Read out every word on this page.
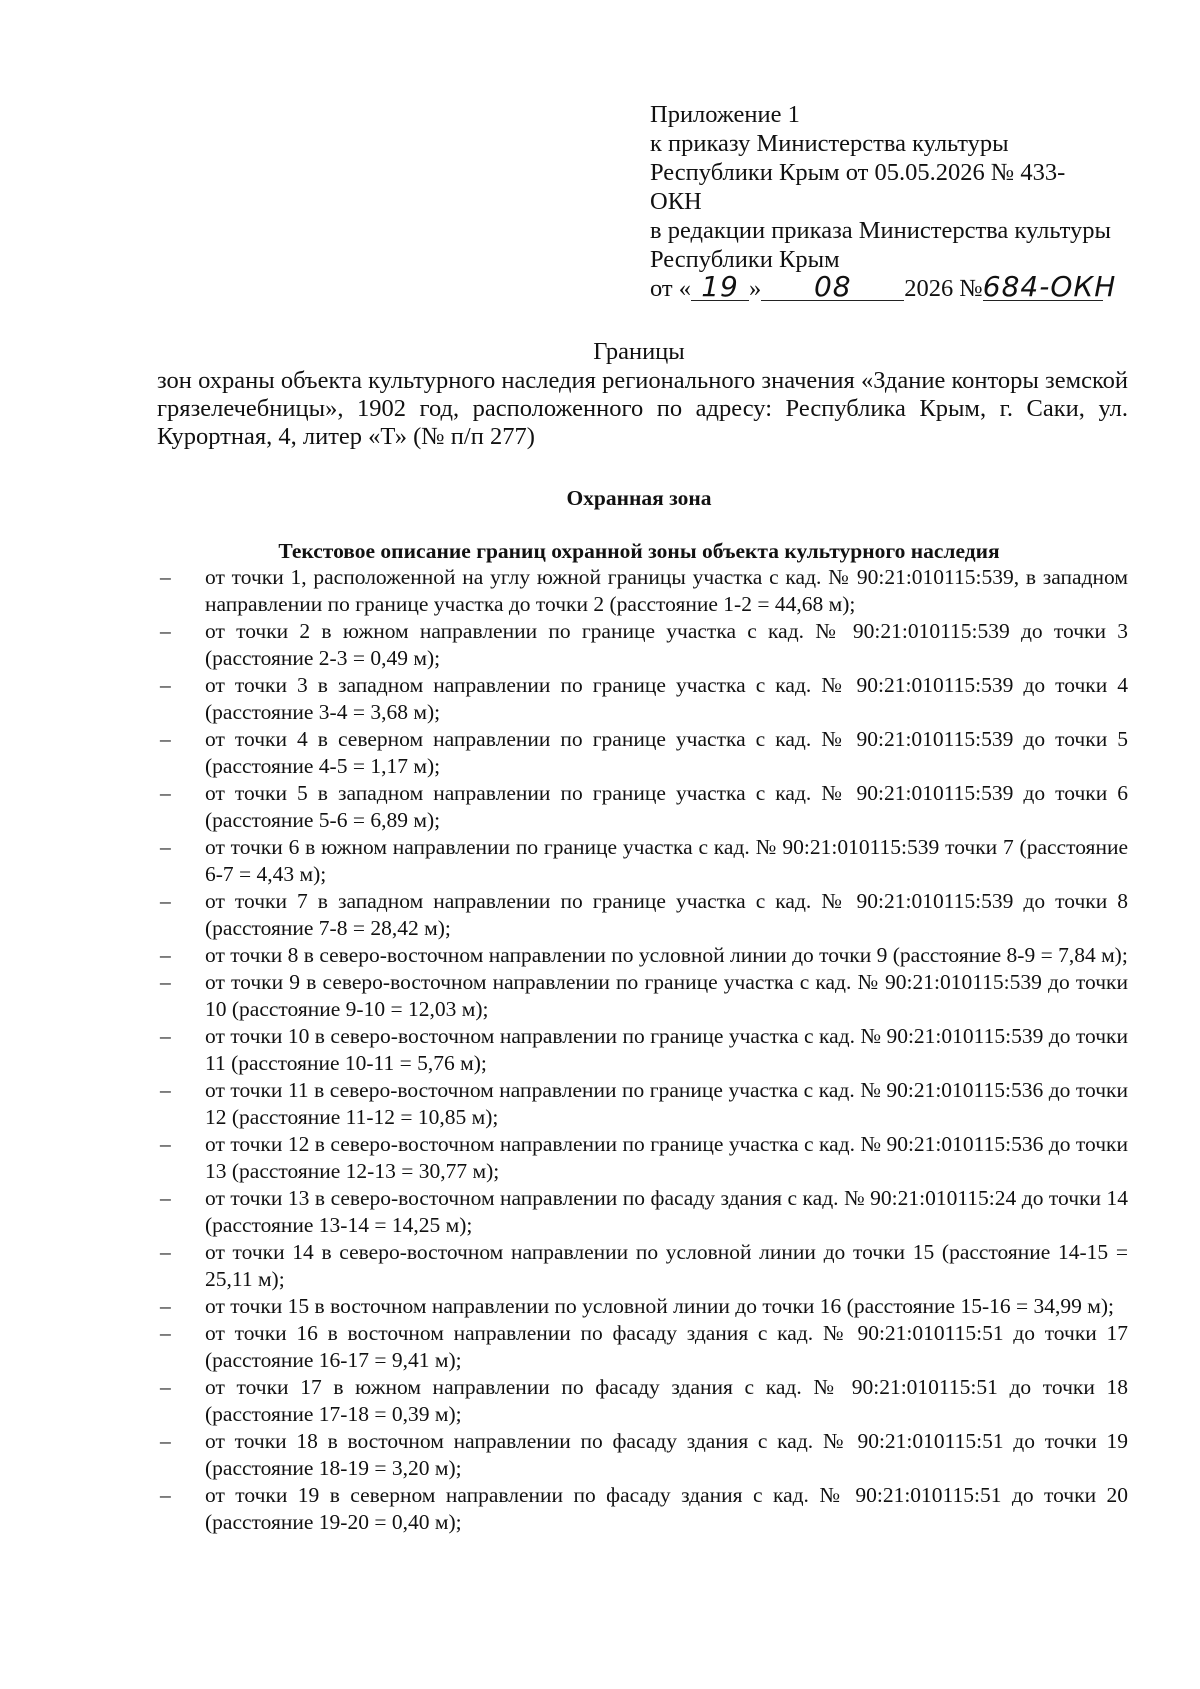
Приложение 1
к приказу Министерства культуры
Республики Крым от 05.05.2026 № 433-
ОКН
в редакции приказа Министерства культуры
Республики Крым
от « 19 » 08 2026 №684-ОКН
Границы
зон охраны объекта культурного наследия регионального значения «Здание конторы земской грязелечебницы», 1902 год, расположенного по адресу: Республика Крым, г. Саки, ул. Курортная, 4, литер «Т» (№ п/п 277)
Охранная зона
Текстовое описание границ охранной зоны объекта культурного наследия
– от точки 1, расположенной на углу южной границы участка с кад. № 90:21:010115:539, в западном направлении по границе участка до точки 2 (расстояние 1-2 = 44,68 м);
– от точки 2 в южном направлении по границе участка с кад. № 90:21:010115:539 до точки 3 (расстояние 2-3 = 0,49 м);
– от точки 3 в западном направлении по границе участка с кад. № 90:21:010115:539 до точки 4 (расстояние 3-4 = 3,68 м);
– от точки 4 в северном направлении по границе участка с кад. № 90:21:010115:539 до точки 5 (расстояние 4-5 = 1,17 м);
– от точки 5 в западном направлении по границе участка с кад. № 90:21:010115:539 до точки 6 (расстояние 5-6 = 6,89 м);
– от точки 6 в южном направлении по границе участка с кад. № 90:21:010115:539 точки 7 (расстояние 6-7 = 4,43 м);
– от точки 7 в западном направлении по границе участка с кад. № 90:21:010115:539 до точки 8 (расстояние 7-8 = 28,42 м);
– от точки 8 в северо-восточном направлении по условной линии до точки 9 (расстояние 8-9 = 7,84 м);
– от точки 9 в северо-восточном направлении по границе участка с кад. № 90:21:010115:539 до точки 10 (расстояние 9-10 = 12,03 м);
– от точки 10 в северо-восточном направлении по границе участка с кад. № 90:21:010115:539 до точки 11 (расстояние 10-11 = 5,76 м);
– от точки 11 в северо-восточном направлении по границе участка с кад. № 90:21:010115:536 до точки 12 (расстояние 11-12 = 10,85 м);
– от точки 12 в северо-восточном направлении по границе участка с кад. № 90:21:010115:536 до точки 13 (расстояние 12-13 = 30,77 м);
– от точки 13 в северо-восточном направлении по фасаду здания с кад. № 90:21:010115:24 до точки 14 (расстояние 13-14 = 14,25 м);
– от точки 14 в северо-восточном направлении по условной линии до точки 15 (расстояние 14-15 = 25,11 м);
– от точки 15 в восточном направлении по условной линии до точки 16 (расстояние 15-16 = 34,99 м);
– от точки 16 в восточном направлении по фасаду здания с кад. № 90:21:010115:51 до точки 17 (расстояние 16-17 = 9,41 м);
– от точки 17 в южном направлении по фасаду здания с кад. № 90:21:010115:51 до точки 18 (расстояние 17-18 = 0,39 м);
– от точки 18 в восточном направлении по фасаду здания с кад. № 90:21:010115:51 до точки 19 (расстояние 18-19 = 3,20 м);
– от точки 19 в северном направлении по фасаду здания с кад. № 90:21:010115:51 до точки 20 (расстояние 19-20 = 0,40 м);
